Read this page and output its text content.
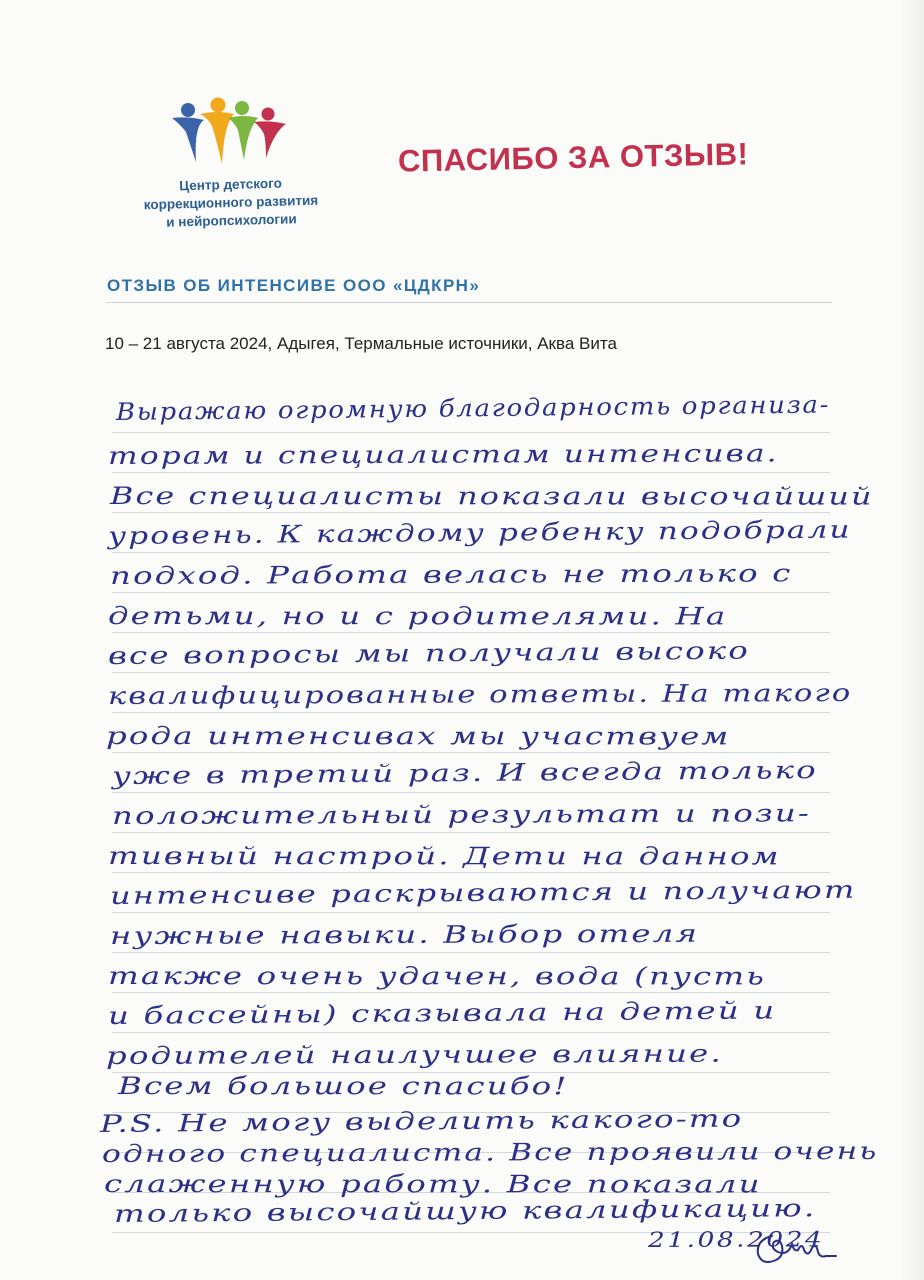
Центр детского
коррекционного развития
и нейропсихологии
СПАСИБО ЗА ОТЗЫВ!
ОТЗЫВ ОБ ИНТЕНСИВЕ ООО «ЦДКРН»
10 – 21 августа 2024, Адыгея, Термальные источники, Аква Вита
Выражаю огромную благодарность организа-
торам и специалистам интенсива.
Все специалисты показали высочайший
уровень. К каждому ребенку подобрали
подход. Работа велась не только с
детьми, но и с родителями. На
все вопросы мы получали высоко
квалифицированные ответы. На такого
рода интенсивах мы участвуем
уже в третий раз. И всегда только
положительный результат и пози-
тивный настрой. Дети на данном
интенсиве раскрываются и получают
нужные навыки. Выбор отеля
также очень удачен, вода (пусть
и бассейны) сказывала на детей и
родителей наилучшее влияние.
Всем большое спасибо!
P.S. Не могу выделить какого-то
одного специалиста. Все проявили очень
слаженную работу. Все показали
только высочайшую квалификацию.
21.08.2024
